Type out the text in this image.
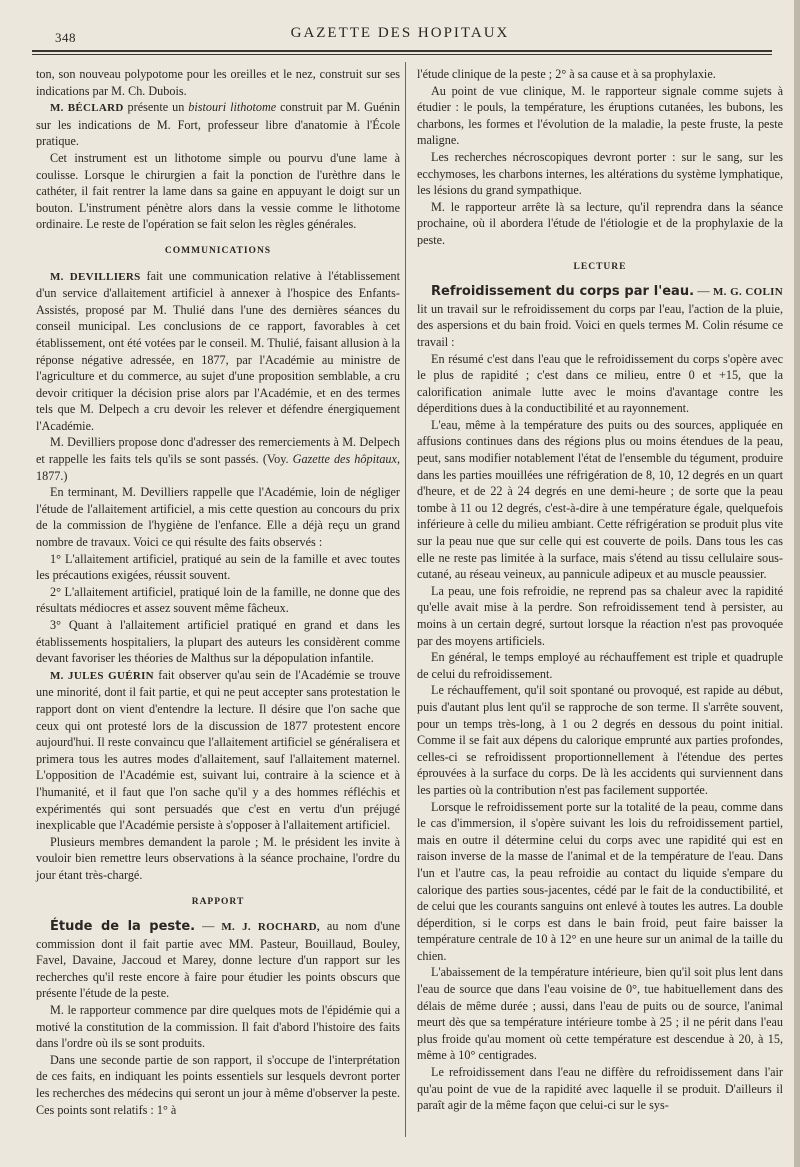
348	GAZETTE DES HOPITAUX

ton, son nouveau polypotome pour les oreilles et le nez, construit sur ses indications par M. Ch. Dubois.

M. BÉCLARD présente un bistouri lithotome construit par M. Guénin sur les indications de M. Fort, professeur libre d'anatomie à l'École pratique.

Cet instrument est un lithotome simple ou pourvu d'une lame à coulisse. Lorsque le chirurgien a fait la ponction de l'urèthre dans le cathéter, il fait rentrer la lame dans sa gaine en appuyant le doigt sur un bouton. L'instrument pénètre alors dans la vessie comme le lithotome ordinaire. Le reste de l'opération se fait selon les règles générales.

COMMUNICATIONS

M. DEVILLIERS fait une communication relative à l'établissement d'un service d'allaitement artificiel à annexer à l'hospice des Enfants-Assistés, proposé par M. Thulié dans l'une des dernières séances du conseil municipal. Les conclusions de ce rapport, favorables à cet établissement, ont été votées par le conseil. M. Thulié, faisant allusion à la réponse négative adressée, en 1877, par l'Académie au ministre de l'agriculture et du commerce, au sujet d'une proposition semblable, a cru devoir critiquer la décision prise alors par l'Académie, et en des termes tels que M. Delpech a cru devoir les relever et défendre énergiquement l'Académie.

M. Devilliers propose donc d'adresser des remerciements à M. Delpech et rappelle les faits tels qu'ils se sont passés. (Voy. Gazette des hôpitaux, 1877.)

En terminant, M. Devilliers rappelle que l'Académie, loin de négliger l'étude de l'allaitement artificiel, a mis cette question au concours du prix de la commission de l'hygiène de l'enfance. Elle a déjà reçu un grand nombre de travaux. Voici ce qui résulte des faits observés :

1° L'allaitement artificiel, pratiqué au sein de la famille et avec toutes les précautions exigées, réussit souvent.

2° L'allaitement artificiel, pratiqué loin de la famille, ne donne que des résultats médiocres et assez souvent même fâcheux.

3° Quant à l'allaitement artificiel pratiqué en grand et dans les établissements hospitaliers, la plupart des auteurs les considèrent comme devant favoriser les théories de Malthus sur la dépopulation infantile.

M. JULES GUÉRIN fait observer qu'au sein de l'Académie se trouve une minorité, dont il fait partie, et qui ne peut accepter sans protestation le rapport dont on vient d'entendre la lecture. Il désire que l'on sache que ceux qui ont protesté lors de la discussion de 1877 protestent encore aujourd'hui. Il reste convaincu que l'allaitement artificiel se généralisera et primera tous les autres modes d'allaitement, sauf l'allaitement maternel. L'opposition de l'Académie est, suivant lui, contraire à la science et à l'humanité, et il faut que l'on sache qu'il y a des hommes réfléchis et expérimentés qui sont persuadés que c'est en vertu d'un préjugé inexplicable que l'Académie persiste à s'opposer à l'allaitement artificiel.

Plusieurs membres demandent la parole ; M. le président les invite à vouloir bien remettre leurs observations à la séance prochaine, l'ordre du jour étant très-chargé.

RAPPORT

Étude de la peste. — M. J. ROCHARD, au nom d'une commission dont il fait partie avec MM. Pasteur, Bouillaud, Bouley, Favel, Davaine, Jaccoud et Marey, donne lecture d'un rapport sur les recherches qu'il reste encore à faire pour étudier les points obscurs que présente l'étude de la peste.

M. le rapporteur commence par dire quelques mots de l'épidémie qui a motivé la constitution de la commission. Il fait d'abord l'histoire des faits dans l'ordre où ils se sont produits.

Dans une seconde partie de son rapport, il s'occupe de l'interprétation de ces faits, en indiquant les points essentiels sur lesquels devront porter les recherches des médecins qui seront un jour à même d'observer la peste. Ces points sont relatifs : 1° à

l'étude clinique de la peste ; 2° à sa cause et à sa prophylaxie.

Au point de vue clinique, M. le rapporteur signale comme sujets à étudier : le pouls, la température, les éruptions cutanées, les bubons, les charbons, les formes et l'évolution de la maladie, la peste fruste, la peste maligne.

Les recherches nécroscopiques devront porter : sur le sang, sur les ecchymoses, les charbons internes, les altérations du système lymphatique, les lésions du grand sympathique.

M. le rapporteur arrête là sa lecture, qu'il reprendra dans la séance prochaine, où il abordera l'étude de l'étiologie et de la prophylaxie de la peste.

LECTURE

Refroidissement du corps par l'eau. — M. G. COLIN lit un travail sur le refroidissement du corps par l'eau, l'action de la pluie, des aspersions et du bain froid. Voici en quels termes M. Colin résume ce travail :

En résumé c'est dans l'eau que le refroidissement du corps s'opère avec le plus de rapidité ; c'est dans ce milieu, entre 0 et +15, que la calorification animale lutte avec le moins d'avantage contre les déperditions dues à la conductibilité et au rayonnement.

L'eau, même à la température des puits ou des sources, appliquée en affusions continues dans des régions plus ou moins étendues de la peau, peut, sans modifier notablement l'état de l'ensemble du tégument, produire dans les parties mouillées une réfrigération de 8, 10, 12 degrés en un quart d'heure, et de 22 à 24 degrés en une demi-heure ; de sorte que la peau tombe à 11 ou 12 degrés, c'est-à-dire à une température égale, quelquefois inférieure à celle du milieu ambiant. Cette réfrigération se produit plus vite sur la peau nue que sur celle qui est couverte de poils. Dans tous les cas elle ne reste pas limitée à la surface, mais s'étend au tissu cellulaire sous-cutané, au réseau veineux, au pannicule adipeux et au muscle peaussier.

La peau, une fois refroidie, ne reprend pas sa chaleur avec la rapidité qu'elle avait mise à la perdre. Son refroidissement tend à persister, au moins à un certain degré, surtout lorsque la réaction n'est pas provoquée par des moyens artificiels.

En général, le temps employé au réchauffement est triple et quadruple de celui du refroidissement.

Le réchauffement, qu'il soit spontané ou provoqué, est rapide au début, puis d'autant plus lent qu'il se rapproche de son terme. Il s'arrête souvent, pour un temps très-long, à 1 ou 2 degrés en dessous du point initial. Comme il se fait aux dépens du calorique emprunté aux parties profondes, celles-ci se refroidissent proportionnellement à l'étendue des pertes éprouvées à la surface du corps. De là les accidents qui surviennent dans les parties où la contribution n'est pas facilement supportée.

Lorsque le refroidissement porte sur la totalité de la peau, comme dans le cas d'immersion, il s'opère suivant les lois du refroidissement partiel, mais en outre il détermine celui du corps avec une rapidité qui est en raison inverse de la masse de l'animal et de la température de l'eau. Dans l'un et l'autre cas, la peau refroidie au contact du liquide s'empare du calorique des parties sous-jacentes, cédé par le fait de la conductibilité, et de celui que les courants sanguins ont enlevé à toutes les autres. La double déperdition, si le corps est dans le bain froid, peut faire baisser la température centrale de 10 à 12° en une heure sur un animal de la taille du chien.

L'abaissement de la température intérieure, bien qu'il soit plus lent dans l'eau de source que dans l'eau voisine de 0°, tue habituellement dans des délais de même durée ; aussi, dans l'eau de puits ou de source, l'animal meurt dès que sa température intérieure tombe à 25 ; il ne périt dans l'eau plus froide qu'au moment où cette température est descendue à 20, à 15, même à 10° centigrades.

Le refroidissement dans l'eau ne diffère du refroidissement dans l'air qu'au point de vue de la rapidité avec laquelle il se produit. D'ailleurs il paraît agir de la même façon que celui-ci sur le sys-
